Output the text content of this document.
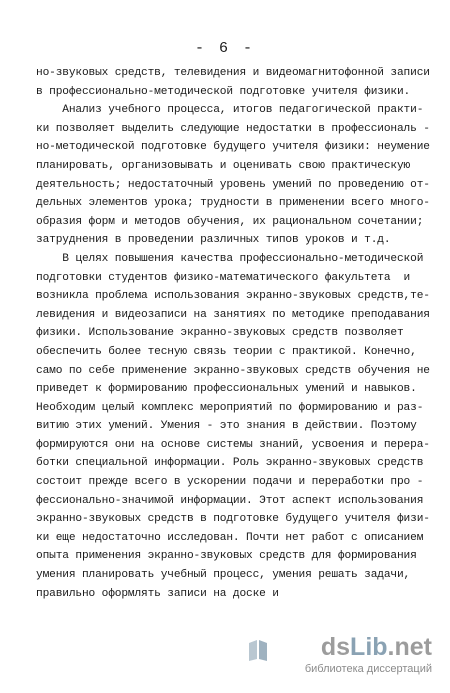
- 6 -
но-звуковых средств, телевидения и видеомагнитофонной записи
в профессионально-методической подготовке учителя физики.
Анализ учебного процесса, итогов педагогической практи-
ки позволяет выделить следующие недостатки в профессиональ -
но-методической подготовке будущего учителя физики: неумение
планировать, организовывать и оценивать свою практическую
деятельность; недостаточный уровень умений по проведению от-
дельных элементов урока; трудности в применении всего много-
образия форм и методов обучения, их рациональном сочетании;
затруднения в проведении различных типов уроков и т.д.
В целях повышения качества профессионально-методической
подготовки студентов физико-математического факультета  и
возникла проблема использования экранно-звуковых средств,те-
левидения и видеозаписи на занятиях по методике преподавания
физики. Использование экранно-звуковых средств позволяет
обеспечить более тесную связь теории с практикой. Конечно,
само по себе применение экранно-звуковых средств обучения не
приведет к формированию профессиональных умений и навыков.
Необходим целый комплекс мероприятий по формированию и раз-
витию этих умений. Умения - это знания в действии. Поэтому
формируются они на основе системы знаний, усвоения и перера-
ботки специальной информации. Роль экранно-звуковых средств
состоит прежде всего в ускорении подачи и переработки про -
фессионально-значимой информации. Этот аспект использования
экранно-звуковых средств в подготовке будущего учителя физи-
ки еще недостаточно исследован. Почти нет работ с описанием
опыта применения экранно-звуковых средств для формирования
умения планировать учебный процесс, умения решать задачи,
правильно оформлять записи на доске и
dsLib.net
библиотека диссертаций
